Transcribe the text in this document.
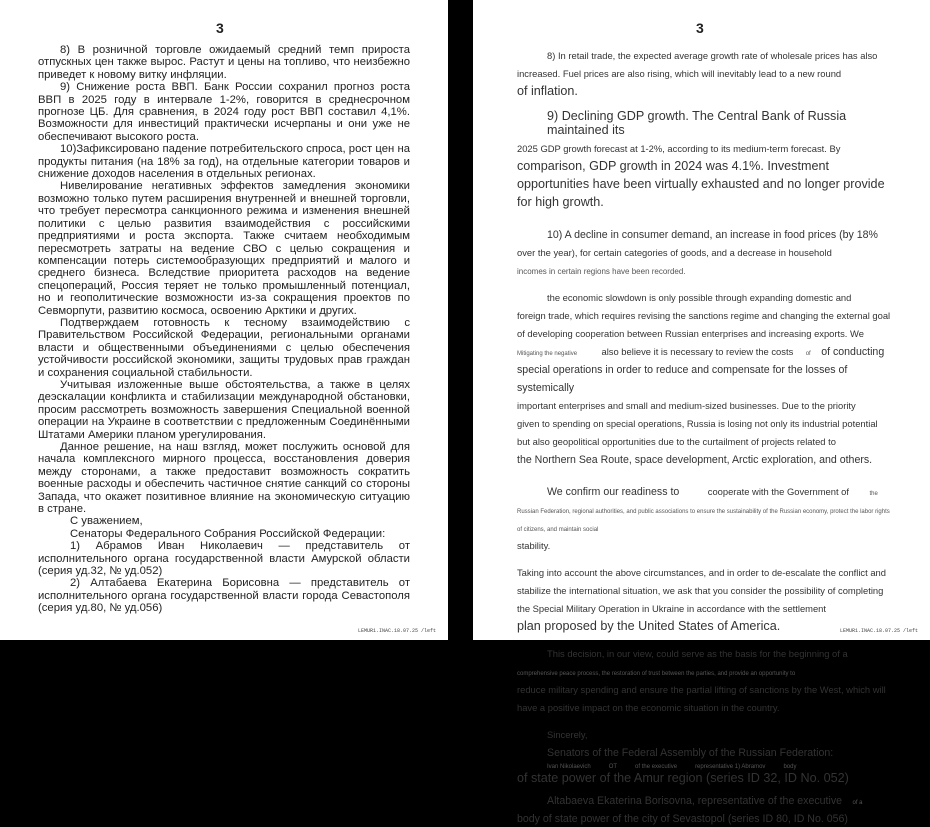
3

8) В розничной торговле ожидаемый средний темп прироста отпускных цен также вырос. Растут и цены на топливо, что неизбежно приведет к новому витку инфляции.

9) Снижение роста ВВП. Банк России сохранил прогноз роста ВВП в 2025 году в интервале 1-2%, говорится в среднесрочном прогнозе ЦБ. Для сравнения, в 2024 году рост ВВП составил 4,1%. Возможности для инвестиций практически исчерпаны и они уже не обеспечивают высокого роста.

10)Зафиксировано падение потребительского спроса, рост цен на продукты питания (на 18% за год), на отдельные категории товаров и снижение доходов населения в отдельных регионах.

Нивелирование негативных эффектов замедления экономики возможно только путем расширения внутренней и внешней торговли, что требует пересмотра санкционного режима и изменения внешней политики с целью развития взаимодействия с российскими предприятиями и роста экспорта. Также считаем необходимым пересмотреть затраты на ведение СВО с целью сокращения и компенсации потерь системообразующих предприятий и малого и среднего бизнеса. Вследствие приоритета расходов на ведение спецопераций, Россия теряет не только промышленный потенциал, но и геополитические возможности из-за сокращения проектов по Севморпути, развитию космоса, освоению Арктики и других.

Подтверждаем готовность к тесному взаимодействию с Правительством Российской Федерации, региональными органами власти и общественными объединениями с целью обеспечения устойчивости российской экономики, защиты трудовых прав граждан и сохранения социальной стабильности.

Учитывая изложенные выше обстоятельства, а также в целях деэскалации конфликта и стабилизации международной обстановки, просим рассмотреть возможность завершения Специальной военной операции на Украине в соответствии с предложенным Соединёнными Штатами Америки планом урегулирования.

Данное решение, на наш взгляд, может послужить основой для начала комплексного мирного процесса, восстановления доверия между сторонами, а также предоставит возможность сократить военные расходы и обеспечить частичное снятие санкций со стороны Запада, что окажет позитивное влияние на экономическую ситуацию в стране.

С уважением,

Сенаторы Федерального Собрания Российской Федерации:

1) Абрамов Иван Николаевич — представитель от исполнительного органа государственной власти Амурской области (серия уд.32, № уд.052)

2) Алтабаева Екатерина Борисовна — представитель от исполнительного органа государственной власти города Севастополя (серия уд.80, № уд.056)

LEMUR1.INAC.18.07.25 /left
3

8) In retail trade, the expected average growth rate of wholesale prices has also
increased. Fuel prices are also rising, which will inevitably lead to a new round
of inflation.

9) Declining GDP growth. The Central Bank of Russia maintained its
2025 GDP growth forecast at 1-2%, according to its medium-term forecast. By
comparison, GDP growth in 2024 was 4.1%. Investment opportunities have been virtually exhausted and no longer provide for high growth.

10) A decline in consumer demand, an increase in food prices (by 18%
over the year), for certain categories of goods, and a decrease in household
incomes in certain regions have been recorded.

the economic slowdown is only possible through expanding domestic and
foreign trade, which requires revising the sanctions regime and changing the external goal of developing cooperation between Russian enterprises and increasing exports. We
Mitigating the negative	also believe it is necessary to review the costs of of conducting
special operations in order to reduce and compensate for the losses of systemically
important enterprises and small and medium-sized businesses. Due to the priority
given to spending on special operations, Russia is losing not only its industrial potential but also geopolitical opportunities due to the curtailment of projects related to
the Northern Sea Route, space development, Arctic exploration, and others.

We confirm our readiness to	cooperate with the Government of	the
Russian Federation, regional authorities, and public associations to ensure the sustainability of the Russian economy, protect the labor rights of citizens, and maintain social
stability.

Taking into account the above circumstances, and in order to de-escalate the conflict and stabilize the international situation, we ask that you consider the possibility of completing the Special Military Operation in Ukraine in accordance with the settlement
plan proposed by the United States of America.

This decision, in our view, could serve as the basis for the beginning of a
comprehensive peace process, the restoration of trust between the parties, and provide an opportunity to
reduce military spending and ensure the partial lifting of sanctions by the West, which will have a positive impact on the economic situation in the country.

Sincerely,
Senators of the Federal Assembly of the Russian Federation:

Ivan Nikolaevich	OT	of the executive	representative 1) Abramov	body
of state power of the Amur region (series ID 32, ID No. 052)
Altabaeva Ekaterina Borisovna, representative of the executive of a
body of state power of the city of Sevastopol (series ID 80, ID No. 056)
LEMUR1.INAC.18.07.25 /left
